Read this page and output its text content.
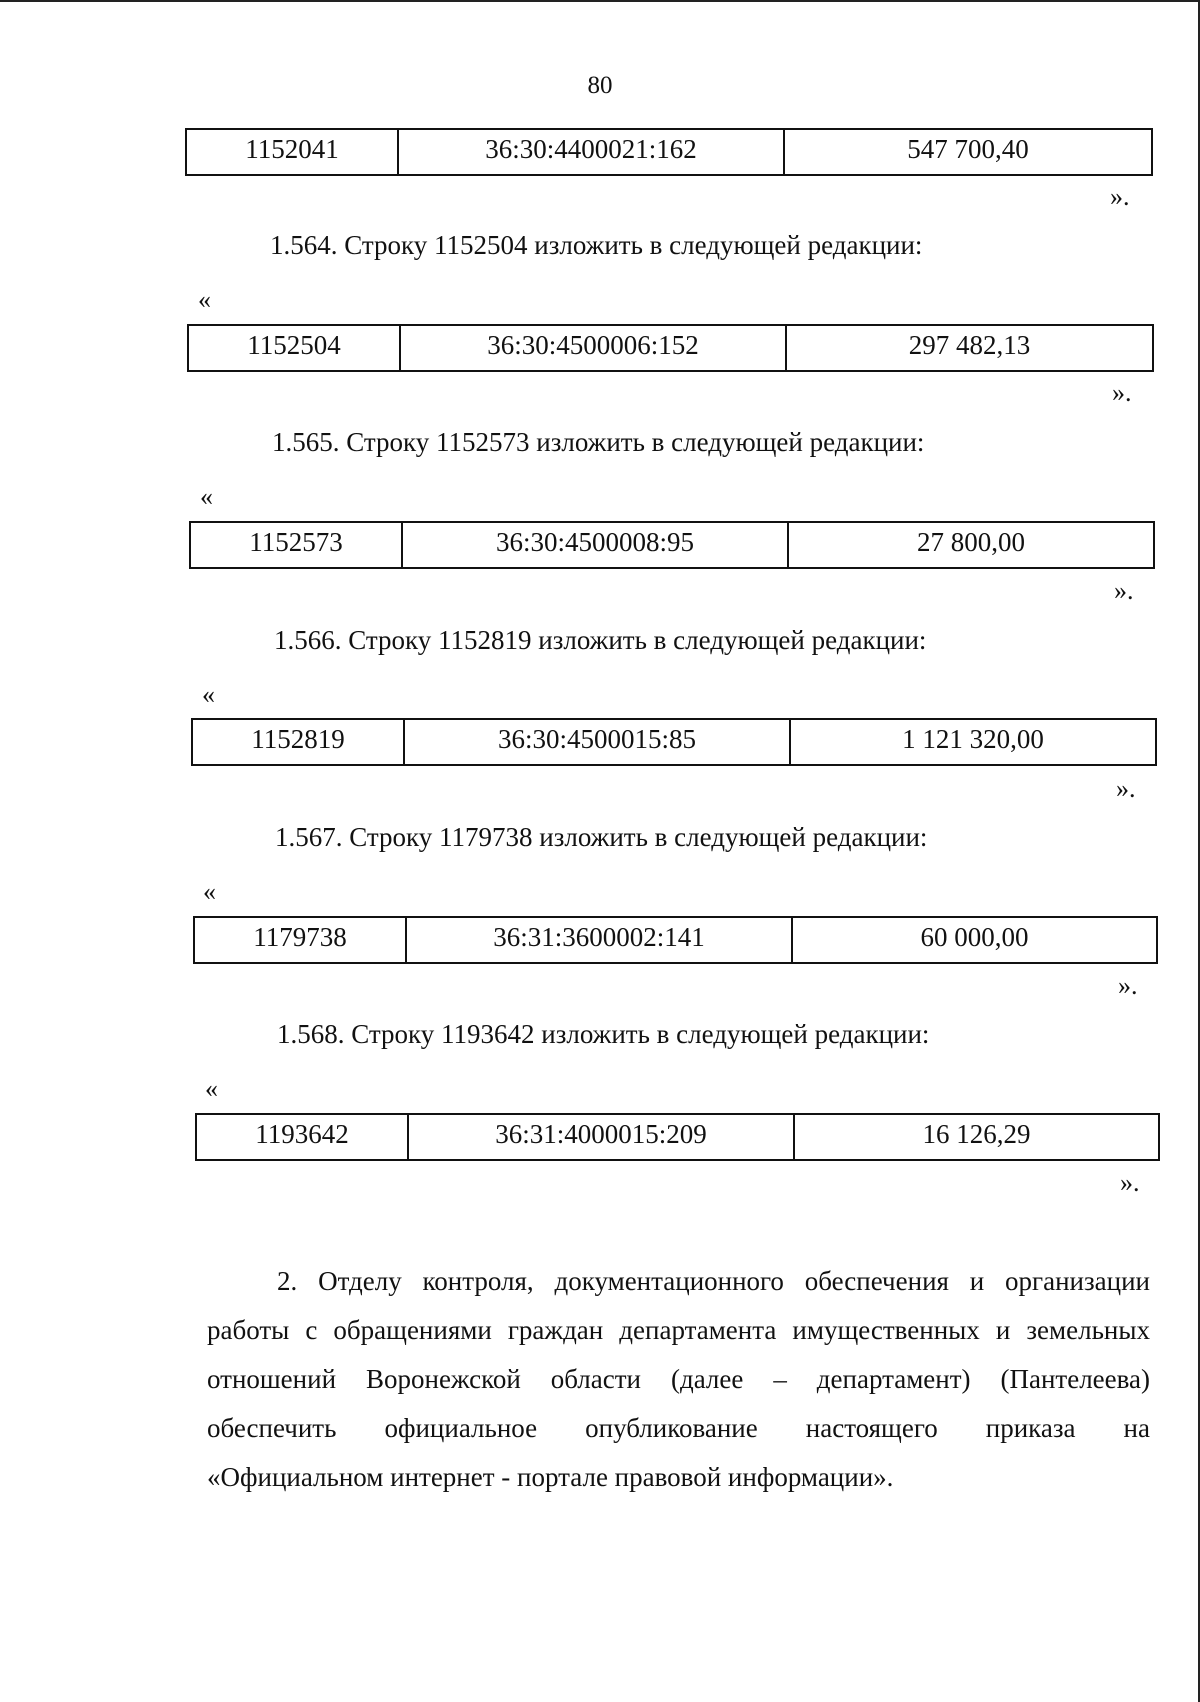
80
1152041	36:30:4400021:162	547 700,40
».
1.564. Строку 1152504 изложить в следующей редакции:
«
1152504	36:30:4500006:152	297 482,13
».
1.565. Строку 1152573 изложить в следующей редакции:
«
1152573	36:30:4500008:95	27 800,00
».
1.566. Строку 1152819 изложить в следующей редакции:
«
1152819	36:30:4500015:85	1 121 320,00
».
1.567. Строку 1179738 изложить в следующей редакции:
«
1179738	36:31:3600002:141	60 000,00
».
1.568. Строку 1193642 изложить в следующей редакции:
«
1193642	36:31:4000015:209	16 126,29
».
2. Отделу контроля, документационного обеспечения и организации
работы с обращениями граждан департамента имущественных и земельных
отношений Воронежской области (далее – департамент) (Пантелеева)
обеспечить официальное опубликование настоящего приказа на
«Официальном интернет - портале правовой информации».
